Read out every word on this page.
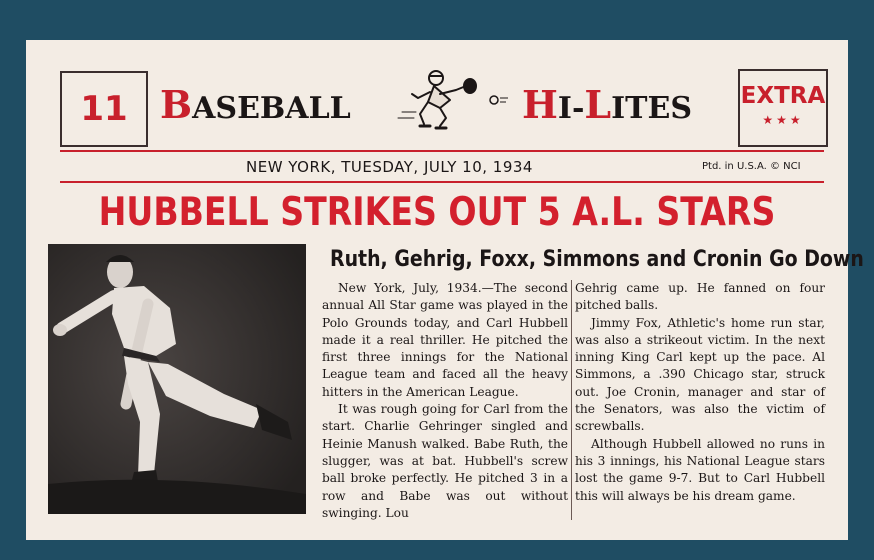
11 BASEBALL	HI-LITES EXTRA
★★★
NEW YORK, TUESDAY, JULY 10, 1934	Ptd. in U.S.A. © NCI
HUBBELL STRIKES OUT 5 A.L. STARS
Ruth, Gehrig, Foxx, Simmons and Cronin Go Down

New York, July, 1934.—The second annual All Star game was played in the Polo Grounds today, and Carl Hubbell made it a real thriller. He pitched the first three innings for the National League team and faced all the heavy hitters in the American League.

It was rough going for Carl from the start. Charlie Gehringer singled and Heinie Manush walked. Babe Ruth, the slugger, was at bat. Hubbell's screw ball broke perfectly. He pitched 3 in a row and Babe was out without swinging. Lou

Gehrig came up. He fanned on four pitched balls.

Jimmy Fox, Athletic's home run star, was also a strikeout victim. In the next inning King Carl kept up the pace. Al Simmons, a .390 Chicago star, struck out. Joe Cronin, manager and star of the Senators, was also the victim of screwballs.

Although Hubbell allowed no runs in his 3 innings, his National League stars lost the game 9-7. But to Carl Hubbell this will always be his dream game.
